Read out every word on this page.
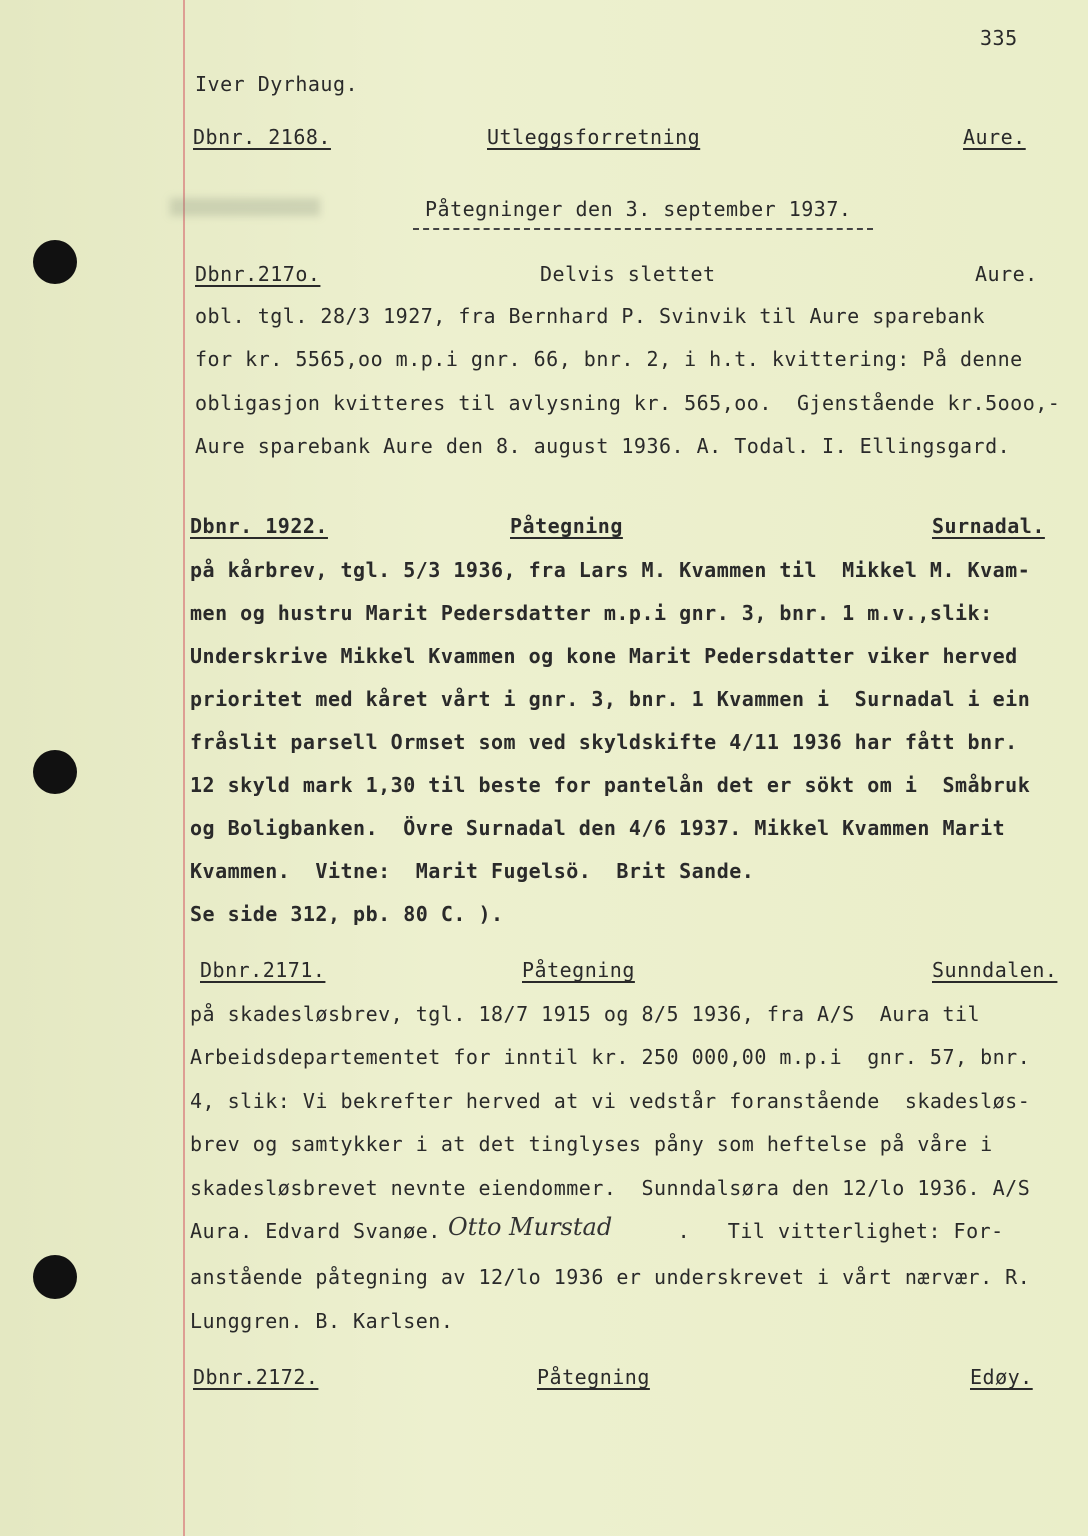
335
Iver Dyrhaug.
Dbnr. 2168.	Utleggsforretning	Aure.
Påtegninger den 3. september 1937.
Dbnr.217o.	Delvis slettet	Aure.
obl. tgl. 28/3 1927, fra Bernhard P. Svinvik til Aure sparebank
for kr. 5565,oo m.p.i gnr. 66, bnr. 2, i h.t. kvittering: På denne
obligasjon kvitteres til avlysning kr. 565,oo.  Gjenstående kr.5ooo,-
Aure sparebank Aure den 8. august 1936. A. Todal. I. Ellingsgard.
Dbnr. 1922.	Påtegning	Surnadal.
på kårbrev, tgl. 5/3 1936, fra Lars M. Kvammen til  Mikkel M. Kvam-
men og hustru Marit Pedersdatter m.p.i gnr. 3, bnr. 1 m.v.,slik:
Underskrive Mikkel Kvammen og kone Marit Pedersdatter viker herved
prioritet med kåret vårt i gnr. 3, bnr. 1 Kvammen i  Surnadal i ein
fråslit parsell Ormset som ved skyldskifte 4/11 1936 har fått bnr.
12 skyld mark 1,30 til beste for pantelån det er sökt om i  Småbruk
og Boligbanken.  Övre Surnadal den 4/6 1937. Mikkel Kvammen Marit
Kvammen.  Vitne:  Marit Fugelsö.  Brit Sande.
Se side 312, pb. 80 C. ).
Dbnr.2171.	Påtegning	Sunndalen.
på skadesløsbrev, tgl. 18/7 1915 og 8/5 1936, fra A/S  Aura til
Arbeidsdepartementet for inntil kr. 250 000,00 m.p.i  gnr. 57, bnr.
4, slik: Vi bekrefter herved at vi vedstår foranstående  skadesløs-
brev og samtykker i at det tinglyses påny som heftelse på våre i
skadesløsbrevet nevnte eiendommer.  Sunndalsøra den 12/lo 1936. A/S
Aura. Edvard Svanøe. Otto Murstad .   Til vitterlighet: For-
anstående påtegning av 12/lo 1936 er underskrevet i vårt nærvær. R.
Lunggren. B. Karlsen.
Dbnr.2172.	Påtegning	Edøy.
